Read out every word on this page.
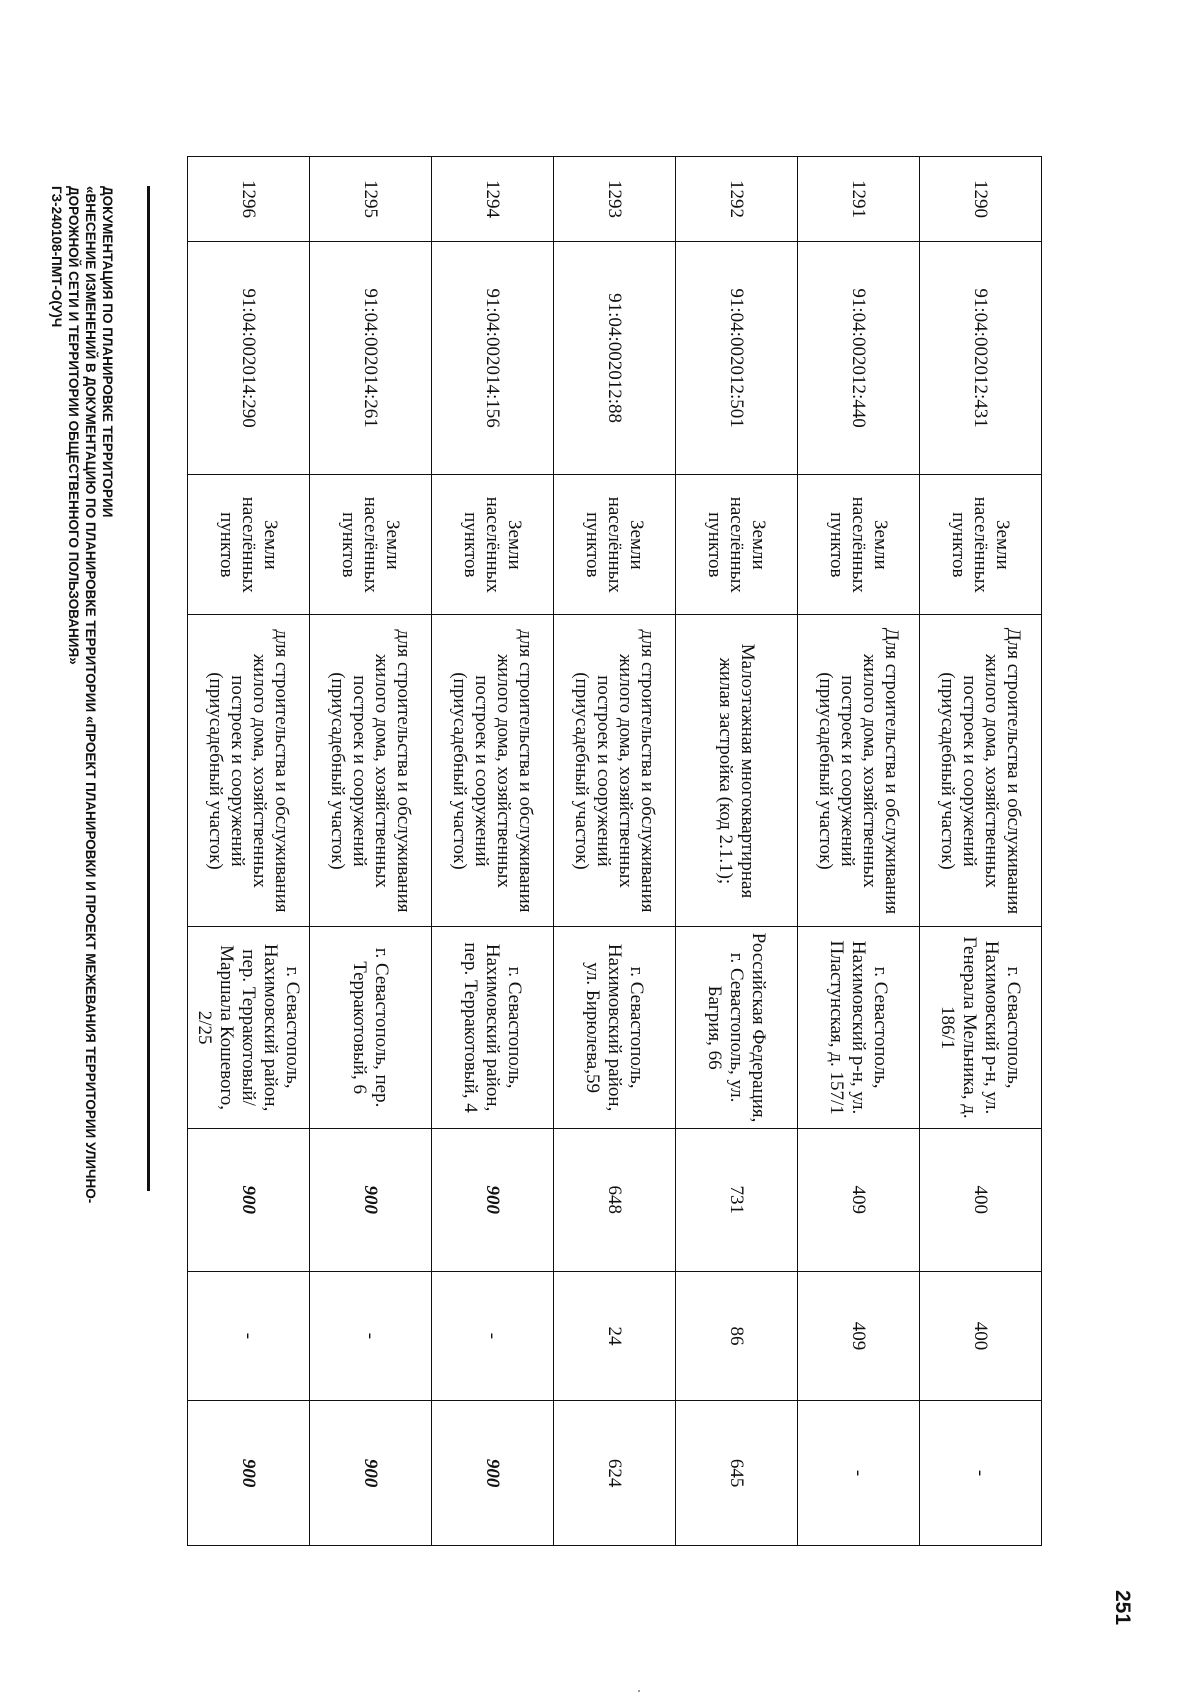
251
ДОКУМЕНТАЦИЯ ПО ПЛАНИРОВКЕ ТЕРРИТОРИИ
«ВНЕСЕНИЕ ИЗМЕНЕНИЙ В ДОКУМЕНТАЦИЮ ПО ПЛАНИРОВКЕ ТЕРРИТОРИИ «ПРОЕКТ ПЛАНИРОВКИ И ПРОЕКТ МЕЖЕВАНИЯ ТЕРРИТОРИИ УЛИЧНО-
ДОРОЖНОЙ СЕТИ И ТЕРРИТОРИИ ОБЩЕСТВЕННОГО ПОЛЬЗОВАНИЯ»
ГЗ-240108-ПМТ-О(У)Ч	1290	91:04:002012:431	Земли населённых пунктов	Для строительства и обслуживания жилого дома, хозяйственных построек и сооружений (приусадебный участок)	г. Севастополь, Нахимовский р-н, ул. Генерала Мельника, д. 186/1	400	400	-
1291	91:04:002012:440	Земли населённых пунктов	Для строительства и обслуживания жилого дома, хозяйственных построек и сооружений (приусадебный участок)	г. Севастополь, Нахимовский р-н, ул. Пластунская, д. 157/1	409	409	-
1292	91:04:002012:501	Земли населённых пунктов	Малоэтажная многоквартирная жилая застройка (код 2.1.1);	Российская Федерация, г. Севастополь, ул. Багрия, 66	731	86	645
1293	91:04:002012:88	Земли населённых пунктов	для строительства и обслуживания жилого дома, хозяйственных построек и сооружений (приусадебный участок)	г. Севастополь, Нахимовский район, ул. Бирюлева,59	648	24	624
1294	91:04:002014:156	Земли населённых пунктов	для строительства и обслуживания жилого дома, хозяйственных построек и сооружений (приусадебный участок)	г. Севастополь, Нахимовский район, пер. Терракотовый, 4	900	-	900
1295	91:04:002014:261	Земли населённых пунктов	для строительства и обслуживания жилого дома, хозяйственных построек и сооружений (приусадебный участок)	г. Севастополь, пер. Терракотовый, 6	900	-	900
1296	91:04:002014:290	Земли населённых пунктов	для строительства и обслуживания жилого дома, хозяйственных построек и сооружений (приусадебный участок)	г. Севастополь, Нахимовский район, пер. Терракотовый/ Маршала Кошевого, 2/25	900	-	900
